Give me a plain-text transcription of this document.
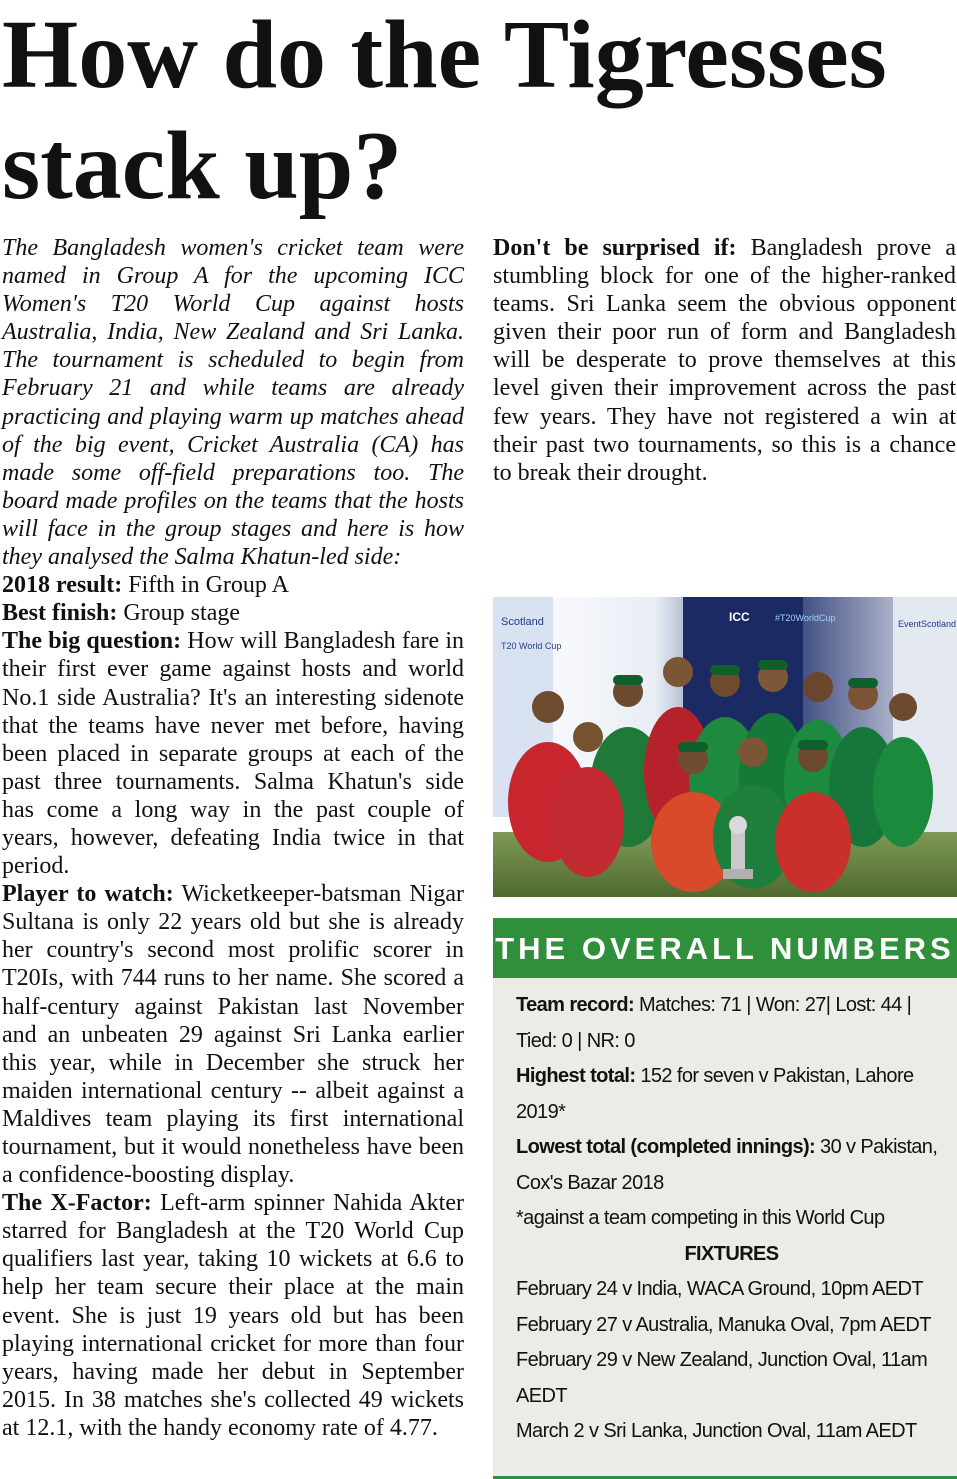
How do the Tigresses stack up?

The Bangladesh women's cricket team were named in Group A for the upcoming ICC Women's T20 World Cup against hosts Australia, India, New Zealand and Sri Lanka. The tournament is scheduled to begin from February 21 and while teams are already practicing and playing warm up matches ahead of the big event, Cricket Australia (CA) has made some off-field preparations too. The board made profiles on the teams that the hosts will face in the group stages and here is how they analysed the Salma Khatun-led side:

2018 result: Fifth in Group A

Best finish: Group stage

The big question: How will Bangladesh fare in their first ever game against hosts and world No.1 side Australia? It's an interesting sidenote that the teams have never met before, having been placed in separate groups at each of the past three tournaments. Salma Khatun's side has come a long way in the past couple of years, however, defeating India twice in that period.

Player to watch: Wicketkeeper-batsman Nigar Sultana is only 22 years old but she is already her country's second most prolific scorer in T20Is, with 744 runs to her name. She scored a half-century against Pakistan last November and an unbeaten 29 against Sri Lanka earlier this year, while in December she struck her maiden international century -- albeit against a Maldives team playing its first international tournament, but it would nonetheless have been a confidence-boosting display.

The X-Factor: Left-arm spinner Nahida Akter starred for Bangladesh at the T20 World Cup qualifiers last year, taking 10 wickets at 6.6 to help her team secure their place at the main event. She is just 19 years old but has been playing international cricket for more than four years, having made her debut in September 2015. In 38 matches she's collected 49 wickets at 12.1, with the handy economy rate of 4.77.

Don't be surprised if: Bangladesh prove a stumbling block for one of the higher-ranked teams. Sri Lanka seem the obvious opponent given their poor run of form and Bangladesh will be desperate to prove themselves at this level given their improvement across the past few years. They have not registered a win at their past two tournaments, so this is a chance to break their drought.

Scotland	ICC	#T20WorldCup
EventScotland
T20 World Cup
THE OVERALL NUMBERS

Team record: Matches: 71 | Won: 27| Lost: 44 | Tied: 0 | NR: 0

Highest total: 152 for seven v Pakistan, Lahore 2019*

Lowest total (completed innings): 30 v Pakistan, Cox's Bazar 2018

*against a team competing in this World Cup

FIXTURES

February 24 v India, WACA Ground, 10pm AEDT

February 27 v Australia, Manuka Oval, 7pm AEDT

February 29 v New Zealand, Junction Oval, 11am AEDT

March 2 v Sri Lanka, Junction Oval, 11am AEDT
